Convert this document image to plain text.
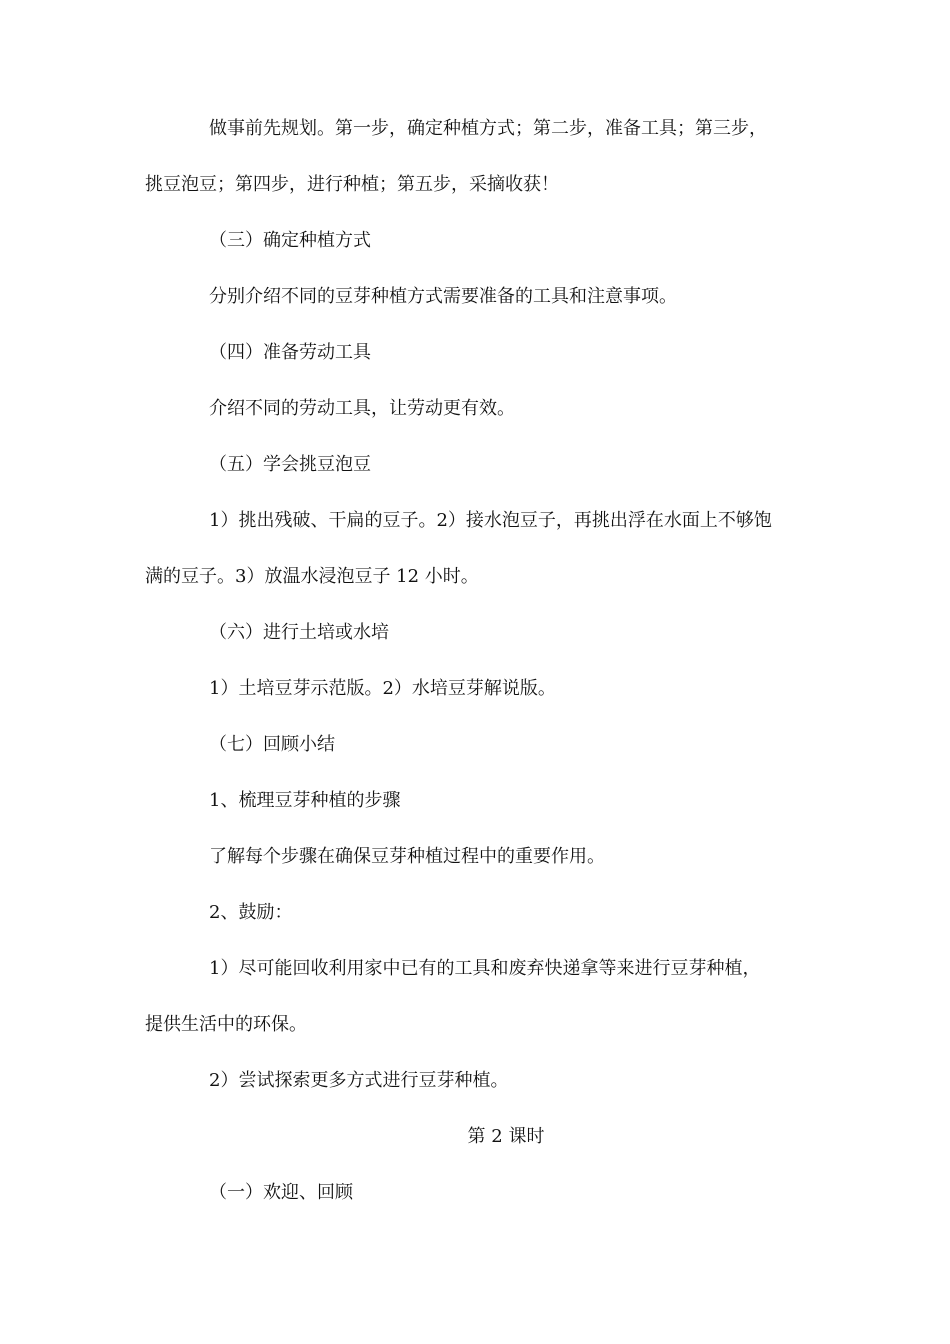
做事前先规划。第一步，确定种植方式；第二步，准备工具；第三步，
挑豆泡豆；第四步，进行种植；第五步，采摘收获！
（三）确定种植方式
分别介绍不同的豆芽种植方式需要准备的工具和注意事项。
（四）准备劳动工具
介绍不同的劳动工具，让劳动更有效。
（五）学会挑豆泡豆
1）挑出残破、干扁的豆子。2）接水泡豆子，再挑出浮在水面上不够饱
满的豆子。3）放温水浸泡豆子 12 小时。
（六）进行土培或水培
1）土培豆芽示范版。2）水培豆芽解说版。
（七）回顾小结
1、梳理豆芽种植的步骤
了解每个步骤在确保豆芽种植过程中的重要作用。
2、鼓励：
1）尽可能回收利用家中已有的工具和废弃快递拿等来进行豆芽种植，
提供生活中的环保。
2）尝试探索更多方式进行豆芽种植。
第 2 课时
（一）欢迎、回顾
